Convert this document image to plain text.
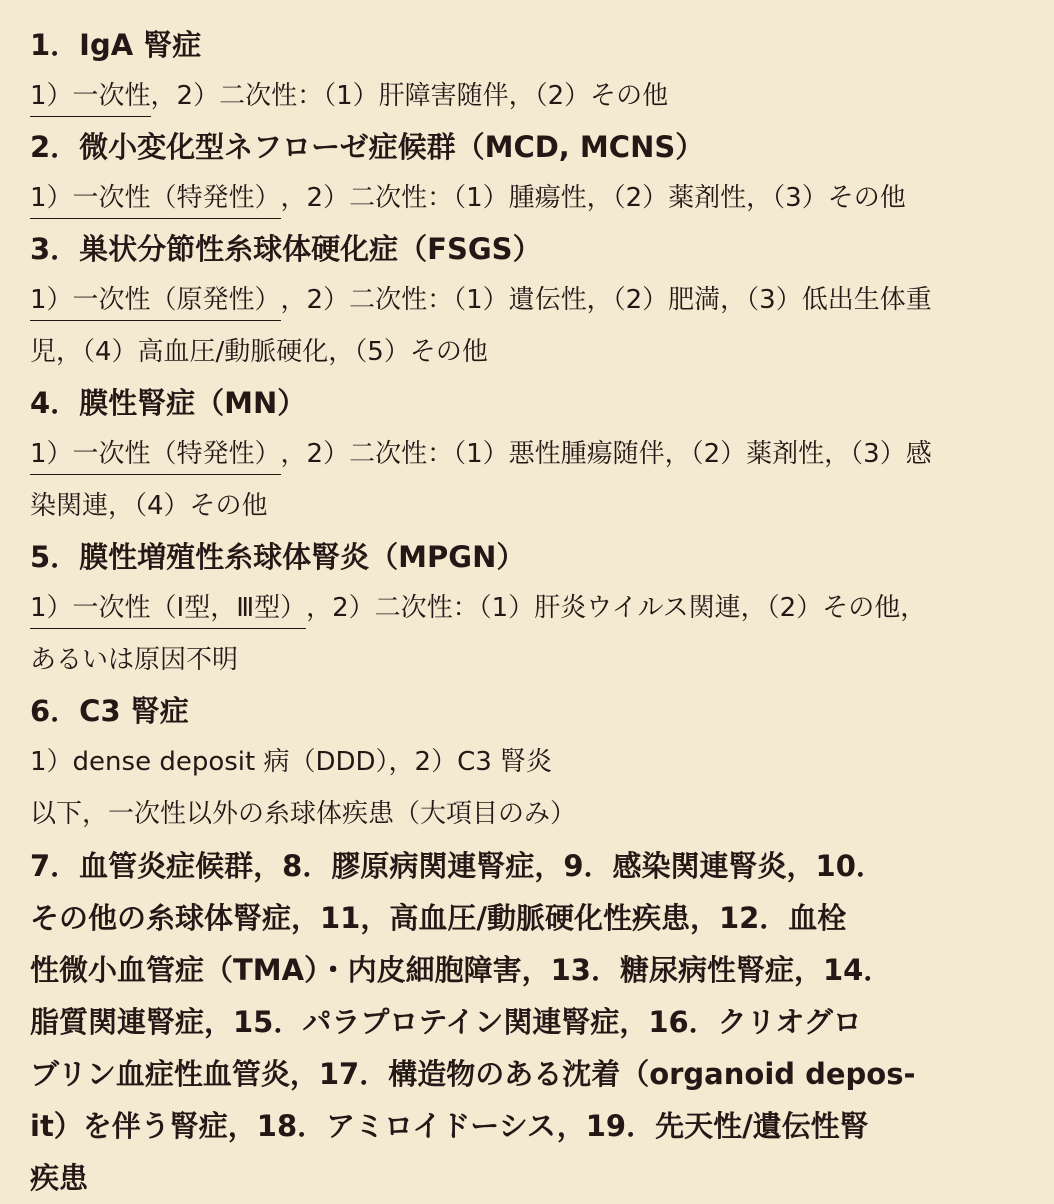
1．IgA 腎症
1）一次性，2）二次性：（1）肝障害随伴，（2）その他
2．微小変化型ネフローゼ症候群（MCD, MCNS）
1）一次性（特発性），2）二次性：（1）腫瘍性，（2）薬剤性，（3）その他
3．巣状分節性糸球体硬化症（FSGS）
1）一次性（原発性），2）二次性：（1）遺伝性，（2）肥満，（3）低出生体重
児，（4）高血圧/動脈硬化，（5）その他
4．膜性腎症（MN）
1）一次性（特発性），2）二次性：（1）悪性腫瘍随伴，（2）薬剤性，（3）感
染関連，（4）その他
5．膜性増殖性糸球体腎炎（MPGN）
1）一次性（Ⅰ型，Ⅲ型），2）二次性：（1）肝炎ウイルス関連，（2）その他，
あるいは原因不明
6．C3 腎症
1）dense deposit 病（DDD），2）C3 腎炎
以下，一次性以外の糸球体疾患（大項目のみ）
7．血管炎症候群，8．膠原病関連腎症，9．感染関連腎炎，10．
その他の糸球体腎症，11，高血圧/動脈硬化性疾患，12．血栓
性微小血管症（TMA）・内皮細胞障害，13．糖尿病性腎症，14．
脂質関連腎症，15．パラプロテイン関連腎症，16．クリオグロ
ブリン血症性血管炎，17．構造物のある沈着（organoid depos-
it）を伴う腎症，18．アミロイドーシス，19．先天性/遺伝性腎
疾患
